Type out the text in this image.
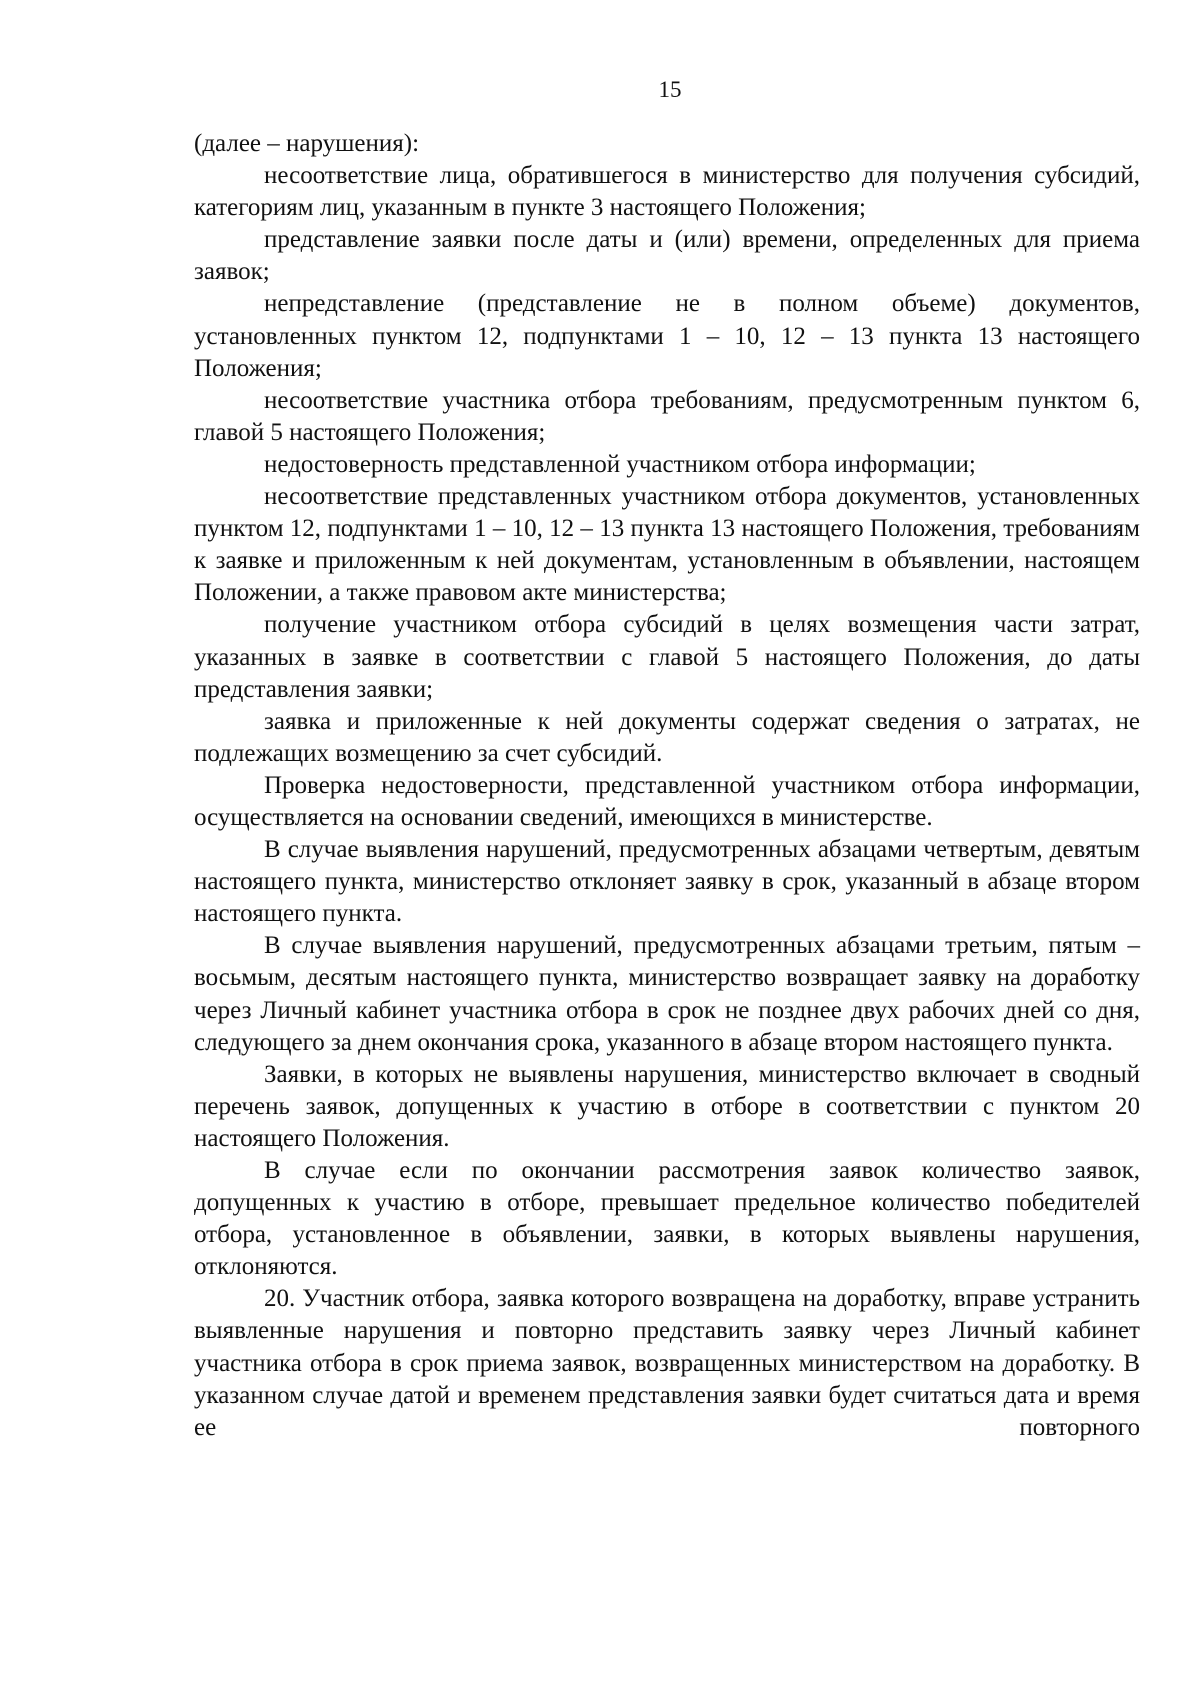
15

(далее – нарушения):

несоответствие лица, обратившегося в министерство для получения субсидий, категориям лиц, указанным в пункте 3 настоящего Положения;

представление заявки после даты и (или) времени, определенных для приема заявок;

непредставление (представление не в полном объеме) документов, установленных пунктом 12, подпунктами 1 – 10, 12 – 13 пункта 13 настоящего Положения;

несоответствие участника отбора требованиям, предусмотренным пунктом 6, главой 5 настоящего Положения;

недостоверность представленной участником отбора информации;

несоответствие представленных участником отбора документов, установленных пунктом 12, подпунктами 1 – 10, 12 – 13 пункта 13 настоящего Положения, требованиям к заявке и приложенным к ней документам, установленным в объявлении, настоящем Положении, а также правовом акте министерства;

получение участником отбора субсидий в целях возмещения части затрат, указанных в заявке в соответствии с главой 5 настоящего Положения, до даты представления заявки;

заявка и приложенные к ней документы содержат сведения о затратах, не подлежащих возмещению за счет субсидий.

Проверка недостоверности, представленной участником отбора информации, осуществляется на основании сведений, имеющихся в министерстве.

В случае выявления нарушений, предусмотренных абзацами четвертым, девятым настоящего пункта, министерство отклоняет заявку в срок, указанный в абзаце втором настоящего пункта.

В случае выявления нарушений, предусмотренных абзацами третьим, пятым – восьмым, десятым настоящего пункта, министерство возвращает заявку на доработку через Личный кабинет участника отбора в срок не позднее двух рабочих дней со дня, следующего за днем окончания срока, указанного в абзаце втором настоящего пункта.

Заявки, в которых не выявлены нарушения, министерство включает в сводный перечень заявок, допущенных к участию в отборе в соответствии с пунктом 20 настоящего Положения.

В случае если по окончании рассмотрения заявок количество заявок, допущенных к участию в отборе, превышает предельное количество победителей отбора, установленное в объявлении, заявки, в которых выявлены нарушения, отклоняются.

20. Участник отбора, заявка которого возвращена на доработку, вправе устранить выявленные нарушения и повторно представить заявку через Личный кабинет участника отбора в срок приема заявок, возвращенных министерством на доработку. В указанном случае датой и временем представления заявки будет считаться дата и время ее повторного
